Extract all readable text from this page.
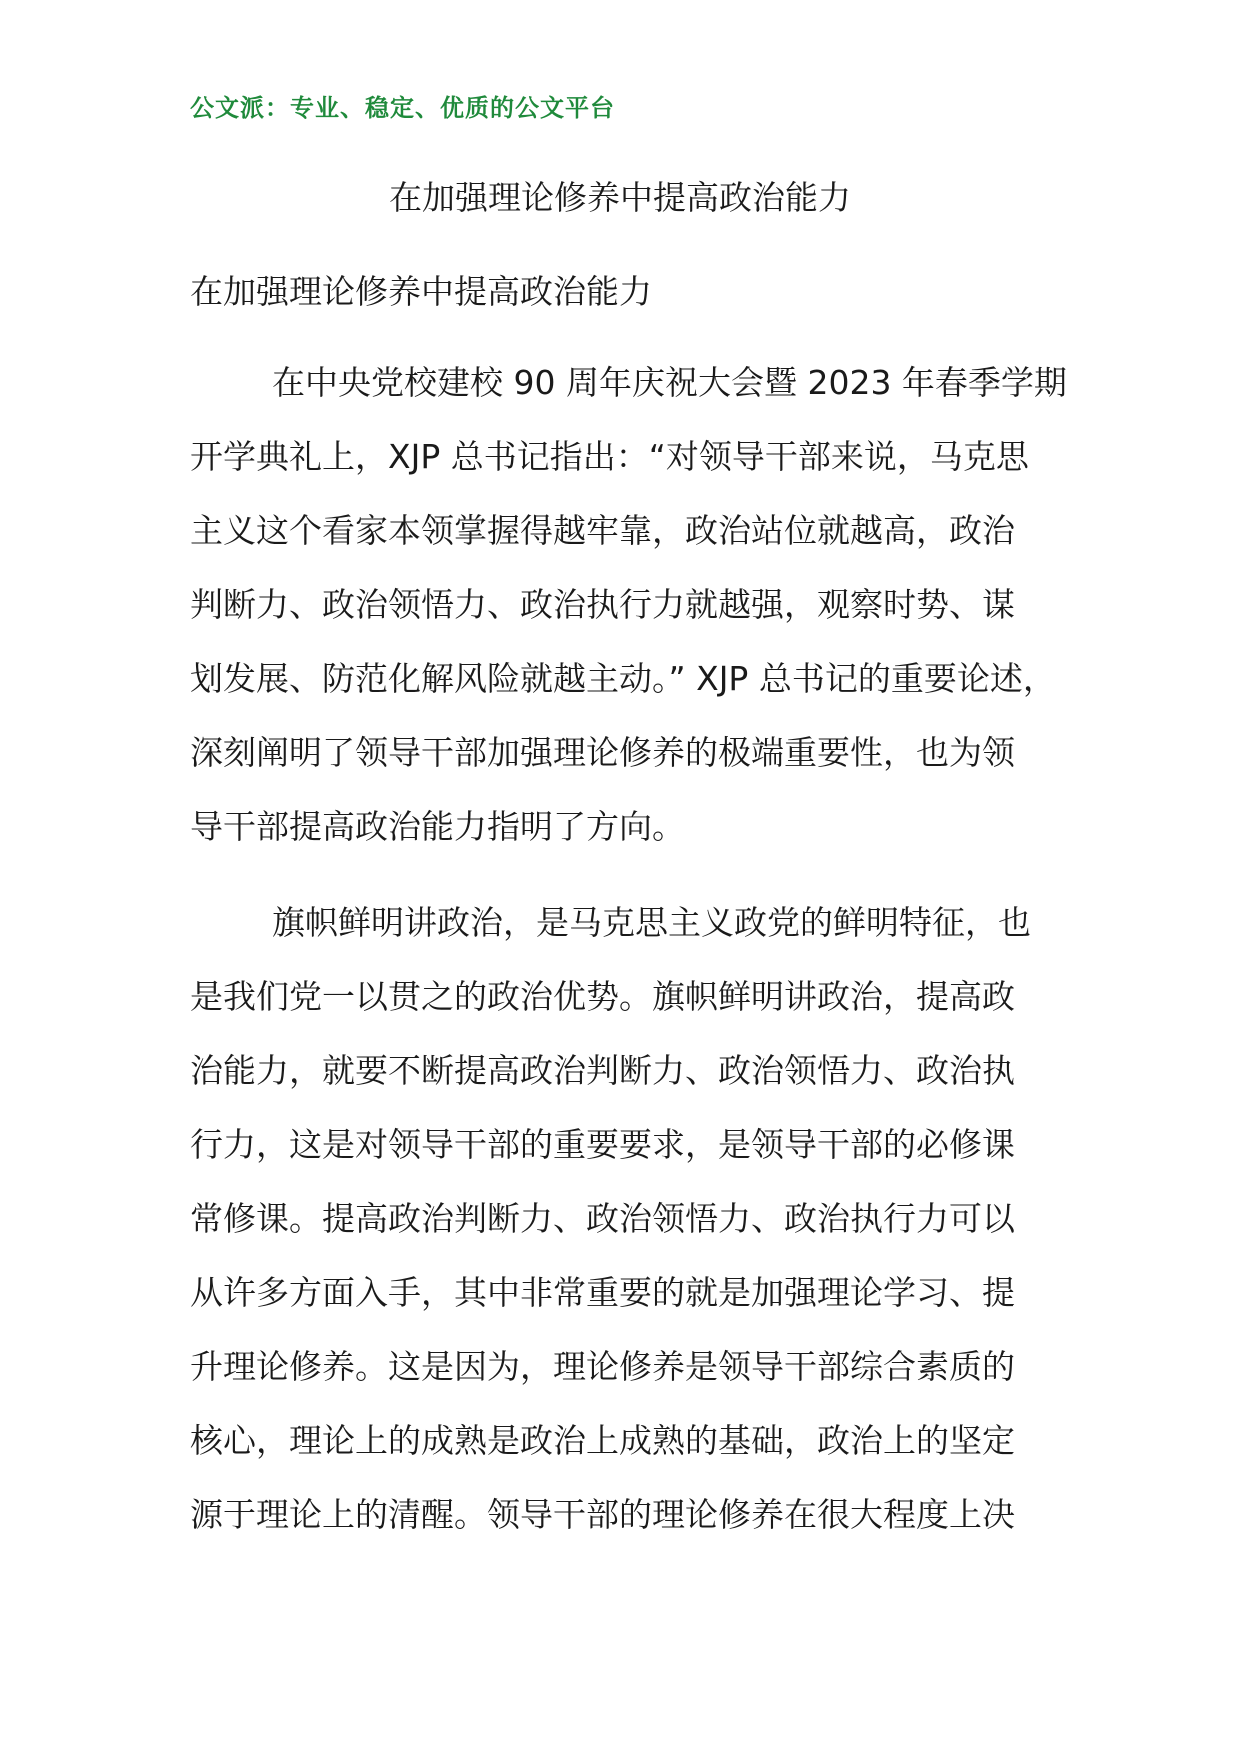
公文派：专业、稳定、优质的公文平台
在加强理论修养中提高政治能力
在加强理论修养中提高政治能力
在中央党校建校 90 周年庆祝大会暨 2023 年春季学期
开学典礼上，XJP 总书记指出：“对领导干部来说，马克思
主义这个看家本领掌握得越牢靠，政治站位就越高，政治
判断力、政治领悟力、政治执行力就越强，观察时势、谋
划发展、防范化解风险就越主动。” XJP 总书记的重要论述，
深刻阐明了领导干部加强理论修养的极端重要性，也为领
导干部提高政治能力指明了方向。
旗帜鲜明讲政治，是马克思主义政党的鲜明特征，也
是我们党一以贯之的政治优势。旗帜鲜明讲政治，提高政
治能力，就要不断提高政治判断力、政治领悟力、政治执
行力，这是对领导干部的重要要求，是领导干部的必修课
常修课。提高政治判断力、政治领悟力、政治执行力可以
从许多方面入手，其中非常重要的就是加强理论学习、提
升理论修养。这是因为，理论修养是领导干部综合素质的
核心，理论上的成熟是政治上成熟的基础，政治上的坚定
源于理论上的清醒。领导干部的理论修养在很大程度上决
